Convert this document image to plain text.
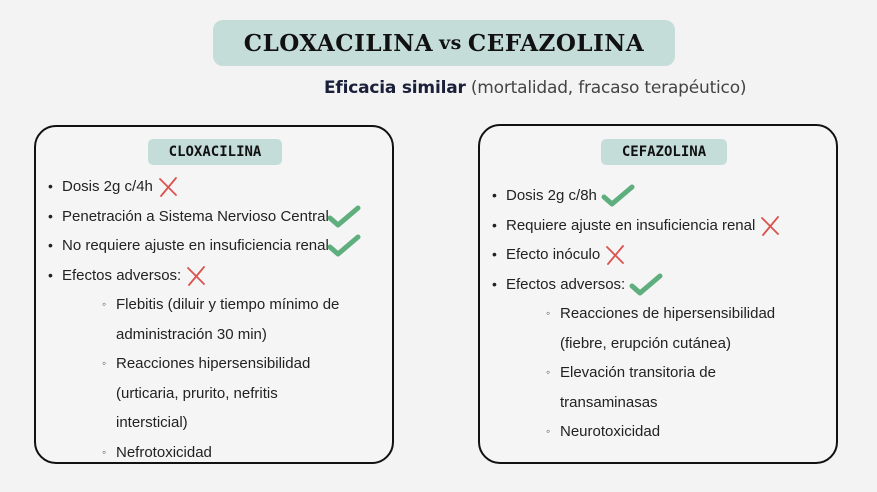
CLOXACILINA vs CEFAZOLINA
Eficacia similar (mortalidad, fracaso terapéutico)
CLOXACILINA
• Dosis 2g c/4h
• Penetración a Sistema Nervioso Central
• No requiere ajuste en insuficiencia renal
• Efectos adversos:
◦ Flebitis (diluir y tiempo mínimo de administración 30 min)
◦ Reacciones hipersensibilidad (urticaria, prurito, nefritis intersticial)
◦ Nefrotoxicidad
CEFAZOLINA
• Dosis 2g c/8h
• Requiere ajuste en insuficiencia renal
• Efecto inóculo
• Efectos adversos:
◦ Reacciones de hipersensibilidad (fiebre, erupción cutánea)
◦ Elevación transitoria de transaminasas
◦ Neurotoxicidad
